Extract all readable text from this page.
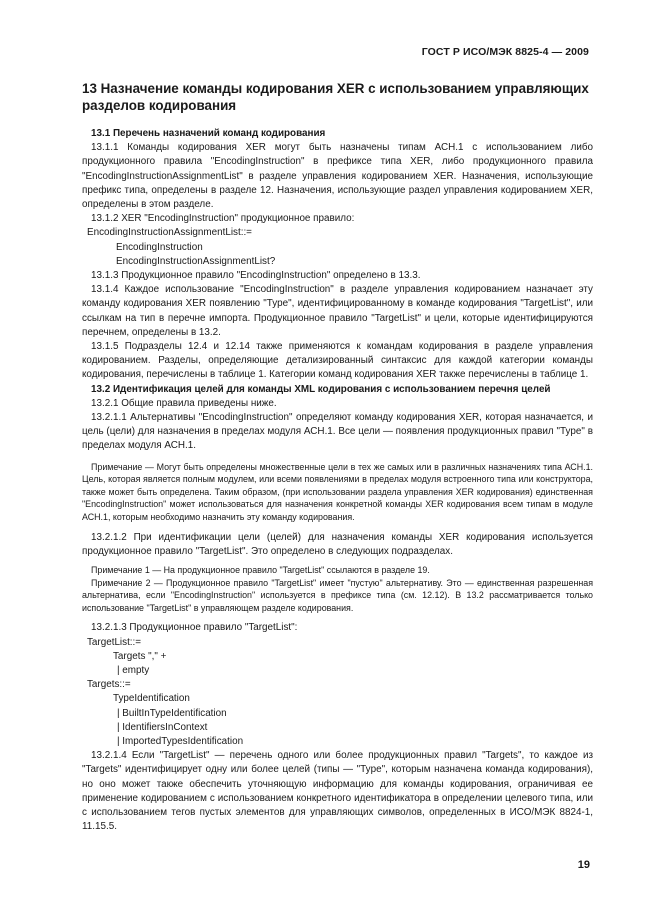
ГОСТ Р ИСО/МЭК 8825-4 — 2009
13 Назначение команды кодирования XER с использованием управляющих разделов кодирования

13.1 Перечень назначений команд кодирования

13.1.1 Команды кодирования XER могут быть назначены типам АСН.1 с использованием либо продукционного правила "EncodingInstruction" в префиксе типа XER, либо продукционного правила "EncodingInstructionAssignmentList" в разделе управления кодированием XER. Назначения, использующие префикс типа, определены в разделе 12. Назначения, использующие раздел управления кодированием XER, определены в этом разделе.

13.1.2 XER "EncodingInstruction" продукционное правило:

EncodingInstructionAssignmentList::=

EncodingInstruction

EncodingInstructionAssignmentList?

13.1.3 Продукционное правило "EncodingInstruction" определено в 13.3.

13.1.4 Каждое использование "EncodingInstruction" в разделе управления кодированием назначает эту команду кодирования XER появлению "Type", идентифицированному в команде кодирования "TargetList", или ссылкам на тип в перечне импорта. Продукционное правило "TargetList" и цели, которые идентифицируются перечнем, определены в 13.2.

13.1.5 Подразделы 12.4 и 12.14 также применяются к командам кодирования в разделе управления кодированием. Разделы, определяющие детализированный синтаксис для каждой категории команды кодирования, перечислены в таблице 1. Категории команд кодирования XER также перечислены в таблице 1.

13.2 Идентификация целей для команды XML кодирования с использованием перечня целей

13.2.1 Общие правила приведены ниже.

13.2.1.1 Альтернативы "EncodingInstruction" определяют команду кодирования XER, которая назначается, и цель (цели) для назначения в пределах модуля АСН.1. Все цели — появления продукционных правил "Type" в пределах модуля АСН.1.

Примечание — Могут быть определены множественные цели в тех же самых или в различных назначениях типа АСН.1. Цель, которая является полным модулем, или всеми появлениями в пределах модуля встроенного типа или конструктора, также может быть определена. Таким образом, (при использовании раздела управления XER кодирования) единственная "EncodingInstruction" может использоваться для назначения конкретной команды XER кодирования всем типам в модуле АСН.1, которым необходимо назначить эту команду кодирования.

13.2.1.2 При идентификации цели (целей) для назначения команды XER кодирования используется продукционное правило "TargetList". Это определено в следующих подразделах.

Примечание 1 — На продукционное правило "TargetList" ссылаются в разделе 19.

Примечание 2 — Продукционное правило "TargetList" имеет "пустую" альтернативу. Это — единственная разрешенная альтернатива, если "EncodingInstruction" используется в префиксе типа (см. 12.12). В 13.2 рассматривается только использование "TargetList" в управляющем разделе кодирования.

13.2.1.3 Продукционное правило "TargetList":

TargetList::=

Targets "," +

| empty

Targets::=

TypeIdentification

| BuiltInTypeIdentification

| IdentifiersInContext

| ImportedTypesIdentification

13.2.1.4 Если "TargetList" — перечень одного или более продукционных правил "Targets", то каждое из "Targets" идентифицирует одну или более целей (типы — "Type", которым назначена команда кодирования), но оно может также обеспечить уточняющую информацию для команды кодирования, ограничивая ее применение кодированием с использованием конкретного идентификатора в определении целевого типа, или с использованием тегов пустых элементов для управляющих символов, определенных в ИСО/МЭК 8824-1, 11.15.5.

19
